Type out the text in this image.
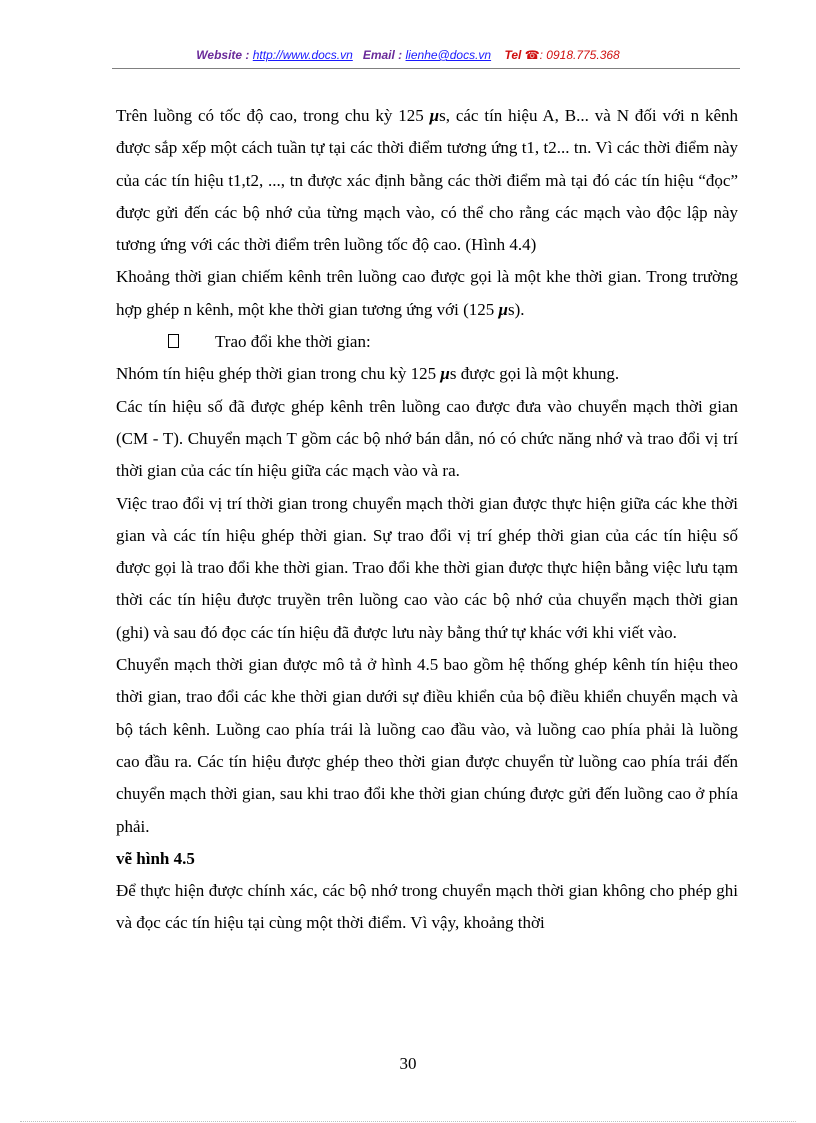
Website : http://www.docs.vn Email : lienhe@docs.vn Tel ☎: 0918.775.368

Trên luồng có tốc độ cao, trong chu kỳ 125 μs, các tín hiệu A, B... và N đối với n kênh được sắp xếp một cách tuần tự tại các thời điểm tương ứng t1, t2... tn. Vì các thời điểm này của các tín hiệu t1,t2, ..., tn được xác định bằng các thời điểm mà tại đó các tín hiệu “đọc” được gửi đến các bộ nhớ của từng mạch vào, có thể cho rằng các mạch vào độc lập này tương ứng với các thời điểm trên luồng tốc độ cao. (Hình 4.4)

Khoảng thời gian chiếm kênh trên luồng cao được gọi là một khe thời gian. Trong trường hợp ghép n kênh, một khe thời gian tương ứng với (125 μs).

Trao đổi khe thời gian:

Nhóm tín hiệu ghép thời gian trong chu kỳ 125 μs được gọi là một khung.

Các tín hiệu số đã được ghép kênh trên luồng cao được đưa vào chuyển mạch thời gian (CM - T). Chuyển mạch T gồm các bộ nhớ bán dẫn, nó có chức năng nhớ và trao đổi vị trí thời gian của các tín hiệu giữa các mạch vào và ra.

Việc trao đổi vị trí thời gian trong chuyển mạch thời gian được thực hiện giữa các khe thời gian và các tín hiệu ghép thời gian. Sự trao đổi vị trí ghép thời gian của các tín hiệu số được gọi là trao đổi khe thời gian. Trao đổi khe thời gian được thực hiện bằng việc lưu tạm thời các tín hiệu được truyền trên luồng cao vào các bộ nhớ của chuyển mạch thời gian (ghi) và sau đó đọc các tín hiệu đã được lưu này bằng thứ tự khác với khi viết vào.

Chuyển mạch thời gian được mô tả ở hình 4.5 bao gồm hệ thống ghép kênh tín hiệu theo thời gian, trao đổi các khe thời gian dưới sự điều khiển của bộ điều khiển chuyển mạch và bộ tách kênh. Luồng cao phía trái là luồng cao đầu vào, và luồng cao phía phải là luồng cao đầu ra. Các tín hiệu được ghép theo thời gian được chuyển từ luồng cao phía trái đến chuyển mạch thời gian, sau khi trao đổi khe thời gian chúng được gửi đến luồng cao ở phía phải.

vẽ hình 4.5

Để thực hiện được chính xác, các bộ nhớ trong chuyển mạch thời gian không cho phép ghi và đọc các tín hiệu tại cùng một thời điểm. Vì vậy, khoảng thời

30
